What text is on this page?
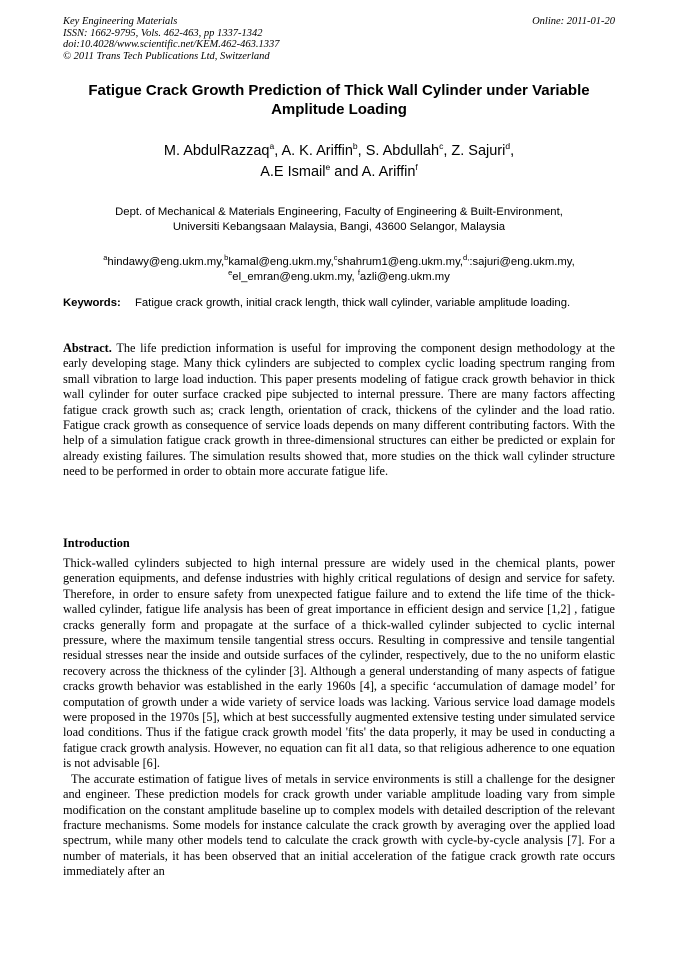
Key Engineering Materials
ISSN: 1662-9795, Vols. 462-463, pp 1337-1342
doi:10.4028/www.scientific.net/KEM.462-463.1337
© 2011 Trans Tech Publications Ltd, Switzerland
Online: 2011-01-20
Fatigue Crack Growth Prediction of Thick Wall Cylinder under Variable Amplitude Loading
M. AbdulRazzaq$^a$, A. K. Ariffin$^b$, S. Abdullah$^c$, Z. Sajuri$^d$,
A.E Ismail$^e$ and A. Ariffin$^f$
Dept. of Mechanical & Materials Engineering, Faculty of Engineering & Built-Environment,
Universiti Kebangsaan Malaysia, Bangi, 43600 Selangor, Malaysia
$^a$hindawy@eng.ukm.my,$^b$kamal@eng.ukm.my,$^c$shahrum1@eng.ukm.my,$^{d,}$:sajuri@eng.ukm.my,
$^e$el_emran@eng.ukm.my, $^f$azli@eng.ukm.my
Keywords: Fatigue crack growth, initial crack length, thick wall cylinder, variable amplitude loading.
Abstract. The life prediction information is useful for improving the component design methodology at the early developing stage. Many thick cylinders are subjected to complex cyclic loading spectrum ranging from small vibration to large load induction. This paper presents modeling of fatigue crack growth behavior in thick wall cylinder for outer surface cracked pipe subjected to internal pressure. There are many factors affecting fatigue crack growth such as; crack length, orientation of crack, thickens of the cylinder and the load ratio. Fatigue crack growth as consequence of service loads depends on many different contributing factors. With the help of a simulation fatigue crack growth in three-dimensional structures can either be predicted or explain for already existing failures. The simulation results showed that, more studies on the thick wall cylinder structure need to be performed in order to obtain more accurate fatigue life.
Introduction

Thick-walled cylinders subjected to high internal pressure are widely used in the chemical plants, power generation equipments, and defense industries with highly critical regulations of design and service for safety. Therefore, in order to ensure safety from unexpected fatigue failure and to extend the life time of the thick-walled cylinder, fatigue life analysis has been of great importance in efficient design and service [1,2] , fatigue cracks generally form and propagate at the surface of a thick-walled cylinder subjected to cyclic internal pressure, where the maximum tensile tangential stress occurs. Resulting in compressive and tensile tangential residual stresses near the inside and outside surfaces of the cylinder, respectively, due to the no uniform elastic recovery across the thickness of the cylinder [3]. Although a general understanding of many aspects of fatigue cracks growth behavior was established in the early 1960s [4], a specific ‘accumulation of damage model’ for computation of growth under a wide variety of service loads was lacking. Various service load damage models were proposed in the 1970s [5], which at best successfully augmented extensive testing under simulated service load conditions. Thus if the fatigue crack growth model 'fits' the data properly, it may be used in conducting a fatigue crack growth analysis. However, no equation can fit al1 data, so that religious adherence to one equation is not advisable [6].

The accurate estimation of fatigue lives of metals in service environments is still a challenge for the designer and engineer. These prediction models for crack growth under variable amplitude loading vary from simple modification on the constant amplitude baseline up to complex models with detailed description of the relevant fracture mechanisms. Some models for instance calculate the crack growth by averaging over the applied load spectrum, while many other models tend to calculate the crack growth with cycle-by-cycle analysis [7]. For a number of materials, it has been observed that an initial acceleration of the fatigue crack growth rate occurs immediately after an
